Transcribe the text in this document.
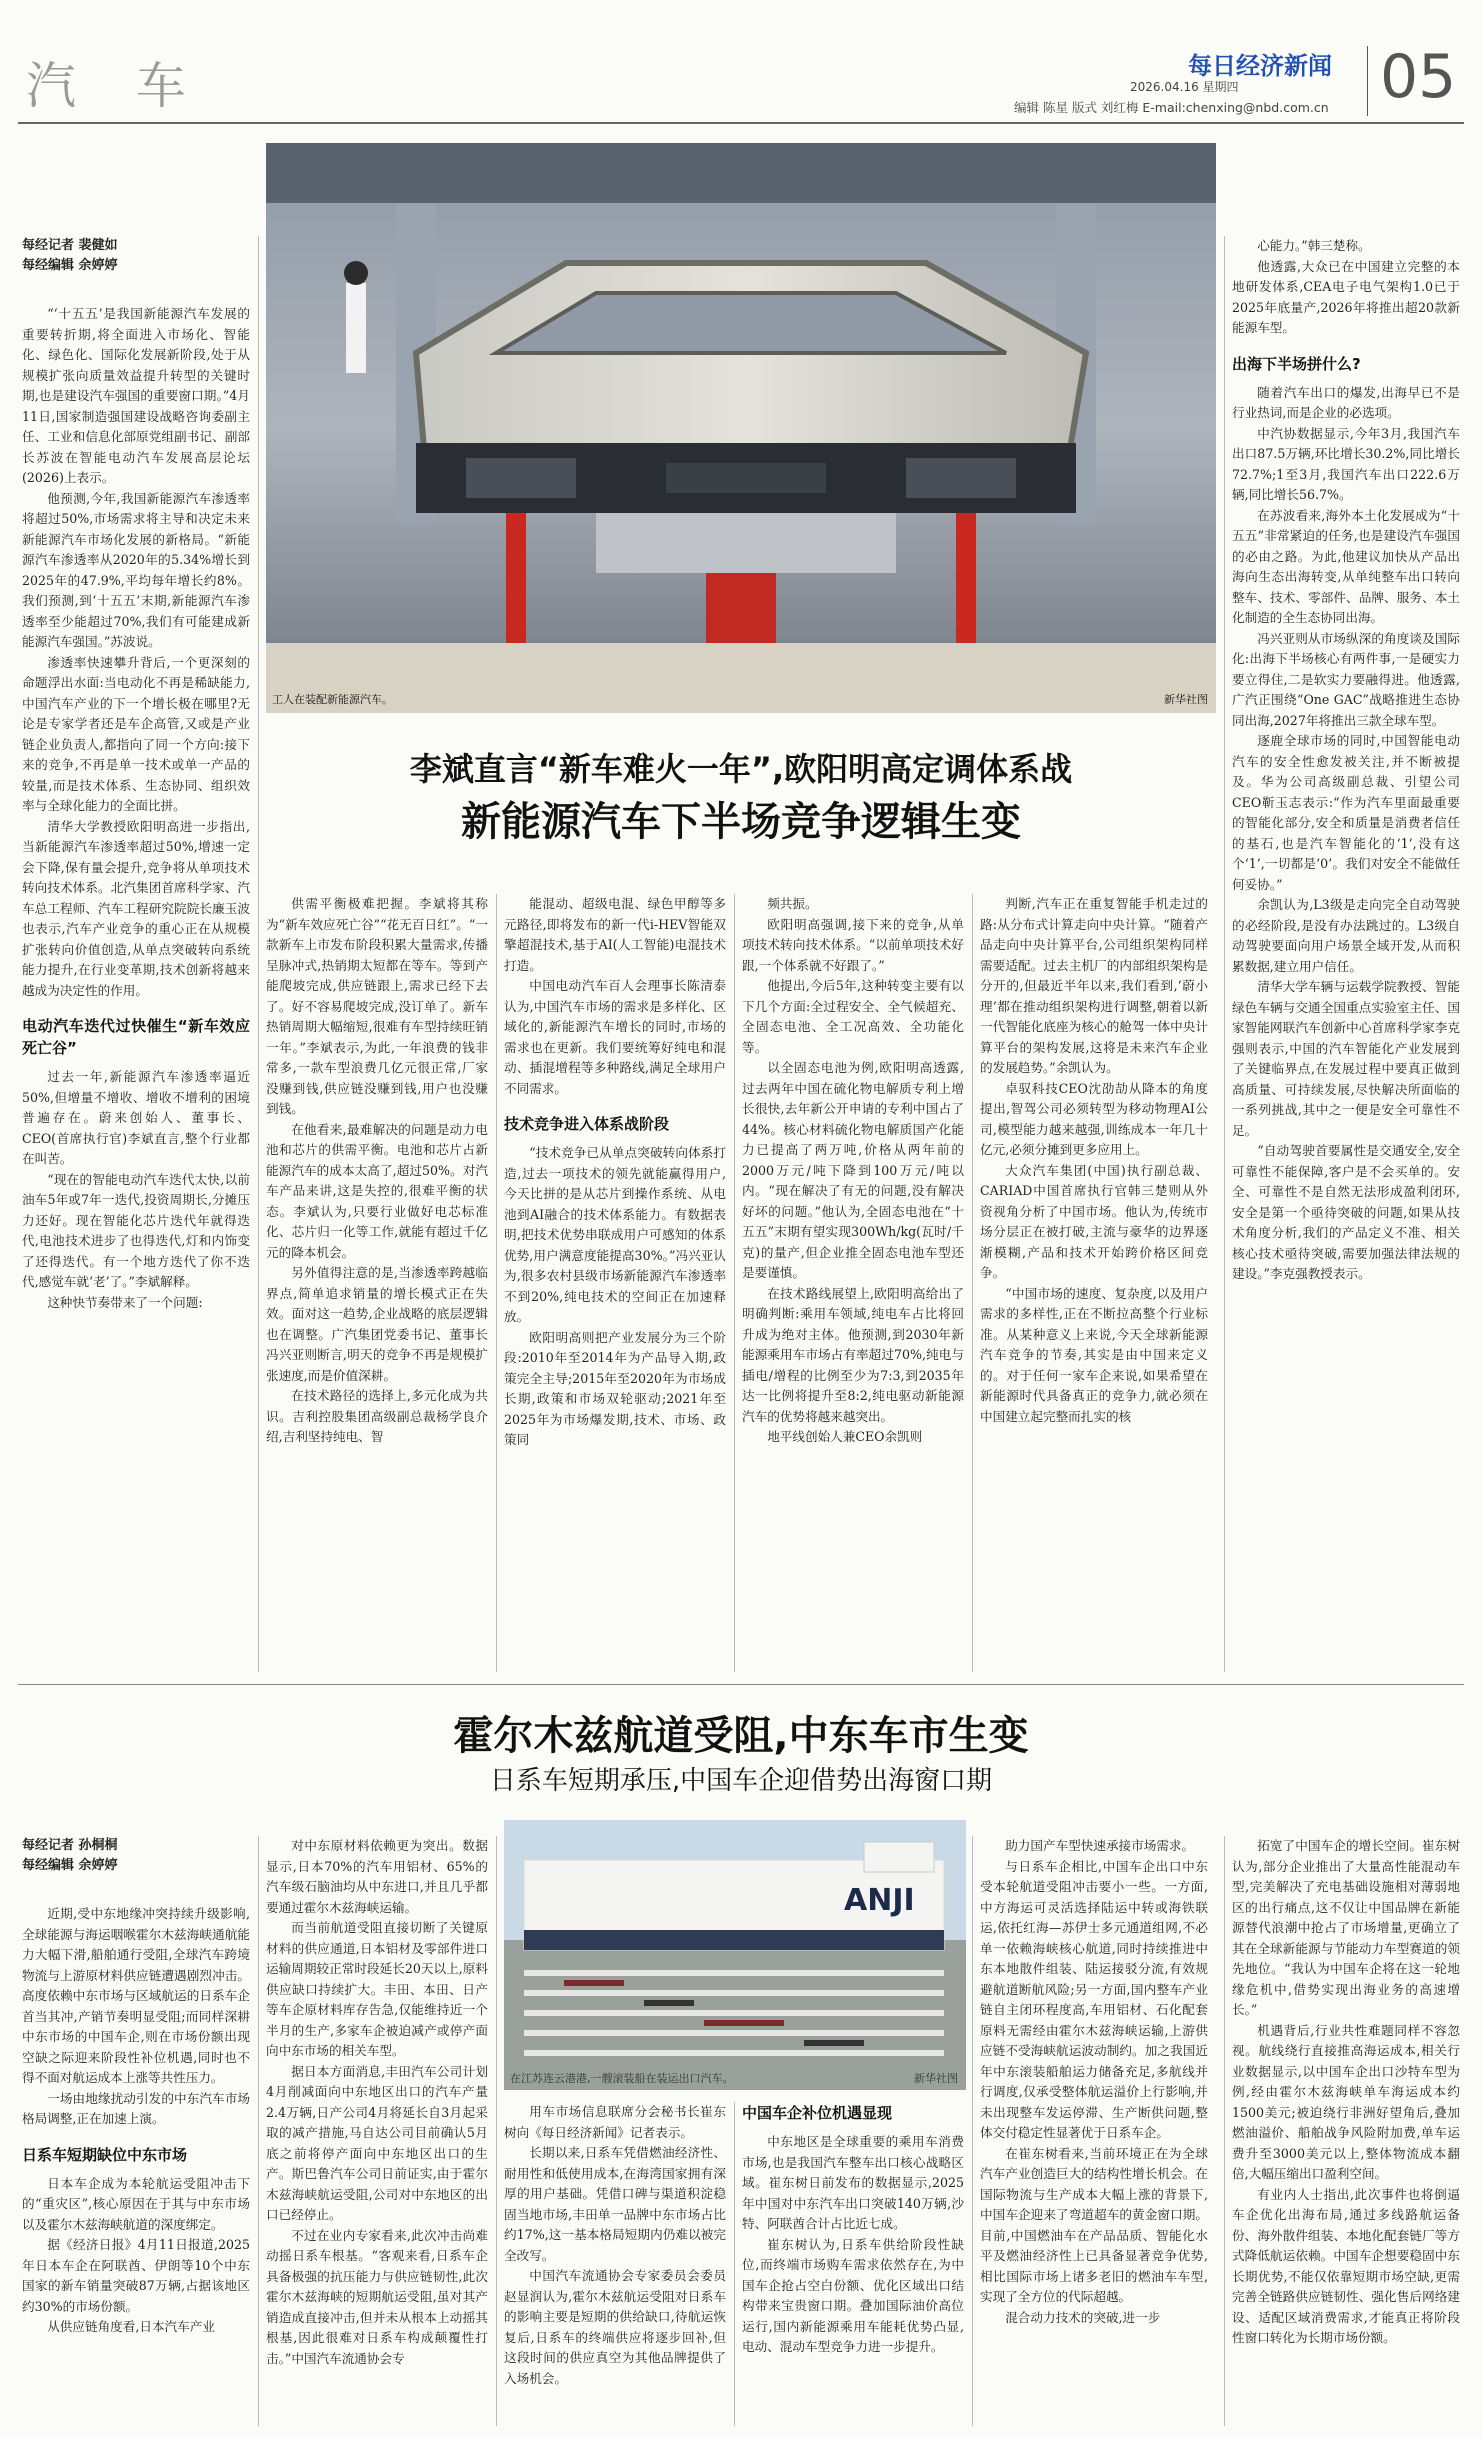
汽 车	每日经济新闻
2026.04.16 星期四
编辑 陈星 版式 刘红梅 E-mail:chenxing@nbd.com.cn 05
工人在装配新能源汽车。	新华社图
李斌直言“新车难火一年”,欧阳明高定调体系战
新能源汽车下半场竞争逻辑生变

每经记者 裴健如

每经编辑 余婷婷

“‘十五五’是我国新能源汽车发展的重要转折期,将全面进入市场化、智能化、绿色化、国际化发展新阶段,处于从规模扩张向质量效益提升转型的关键时期,也是建设汽车强国的重要窗口期。”4月11日,国家制造强国建设战略咨询委副主任、工业和信息化部原党组副书记、副部长苏波在智能电动汽车发展高层论坛(2026)上表示。

他预测,今年,我国新能源汽车渗透率将超过50%,市场需求将主导和决定未来新能源汽车市场化发展的新格局。“新能源汽车渗透率从2020年的5.34%增长到2025年的47.9%,平均每年增长约8%。我们预测,到‘十五五’末期,新能源汽车渗透率至少能超过70%,我们有可能建成新能源汽车强国。”苏波说。

渗透率快速攀升背后,一个更深刻的命题浮出水面:当电动化不再是稀缺能力,中国汽车产业的下一个增长极在哪里?无论是专家学者还是车企高管,又或是产业链企业负责人,都指向了同一个方向:接下来的竞争,不再是单一技术或单一产品的较量,而是技术体系、生态协同、组织效率与全球化能力的全面比拼。

清华大学教授欧阳明高进一步指出,当新能源汽车渗透率超过50%,增速一定会下降,保有量会提升,竞争将从单项技术转向技术体系。北汽集团首席科学家、汽车总工程师、汽车工程研究院院长廉玉波也表示,汽车产业竞争的重心正在从规模扩张转向价值创造,从单点突破转向系统能力提升,在行业变革期,技术创新将越来越成为决定性的作用。

电动汽车迭代过快催生“新车效应死亡谷”

过去一年,新能源汽车渗透率逼近50%,但增量不增收、增收不增利的困境普遍存在。蔚来创始人、董事长、CEO(首席执行官)李斌直言,整个行业都在叫苦。

“现在的智能电动汽车迭代太快,以前油车5年或7年一迭代,投资周期长,分摊压力还好。现在智能化芯片迭代年就得迭代,电池技术进步了也得迭代,灯和内饰变了还得迭代。有一个地方迭代了你不迭代,感觉车就‘老’了。”李斌解释。

这种快节奏带来了一个问题:

供需平衡极难把握。李斌将其称为“新车效应死亡谷”“花无百日红”。“一款新车上市发布阶段积累大量需求,传播呈脉冲式,热销期太短都在等车。等到产能爬坡完成,供应链跟上,需求已经下去了。好不容易爬坡完成,没订单了。新车热销周期大幅缩短,很难有车型持续旺销一年。”李斌表示,为此,一年浪费的钱非常多,一款车型浪费几亿元很正常,厂家没赚到钱,供应链没赚到钱,用户也没赚到钱。

在他看来,最难解决的问题是动力电池和芯片的供需平衡。电池和芯片占新能源汽车的成本太高了,超过50%。对汽车产品来讲,这是失控的,很难平衡的状态。李斌认为,只要行业做好电芯标准化、芯片归一化等工作,就能有超过千亿元的降本机会。

另外值得注意的是,当渗透率跨越临界点,简单追求销量的增长模式正在失效。面对这一趋势,企业战略的底层逻辑也在调整。广汽集团党委书记、董事长冯兴亚则断言,明天的竞争不再是规模扩张速度,而是价值深耕。

在技术路径的选择上,多元化成为共识。吉利控股集团高级副总裁杨学良介绍,吉利坚持纯电、智

能混动、超级电混、绿色甲醇等多元路径,即将发布的新一代i-HEV智能双擎超混技术,基于AI(人工智能)电混技术打造。

中国电动汽车百人会理事长陈清泰认为,中国汽车市场的需求是多样化、区域化的,新能源汽车增长的同时,市场的需求也在更新。我们要统筹好纯电和混动、插混增程等多种路线,满足全球用户不同需求。

技术竞争进入体系战阶段

“技术竞争已从单点突破转向体系打造,过去一项技术的领先就能赢得用户,今天比拼的是从芯片到操作系统、从电池到AI融合的技术体系能力。有数据表明,把技术优势串联成用户可感知的体系优势,用户满意度能提高30%。”冯兴亚认为,很多农村县级市场新能源汽车渗透率不到20%,纯电技术的空间正在加速释放。

欧阳明高则把产业发展分为三个阶段:2010年至2014年为产品导入期,政策完全主导;2015年至2020年为市场成长期,政策和市场双轮驱动;2021年至2025年为市场爆发期,技术、市场、政策同

频共振。

欧阳明高强调,接下来的竞争,从单项技术转向技术体系。“以前单项技术好跟,一个体系就不好跟了。”

他提出,今后5年,这种转变主要有以下几个方面:全过程安全、全气候超充、全固态电池、全工况高效、全功能化等。

以全固态电池为例,欧阳明高透露,过去两年中国在硫化物电解质专利上增长很快,去年新公开申请的专利中国占了44%。核心材料硫化物电解质国产化能力已提高了两万吨,价格从两年前的2000万元/吨下降到100万元/吨以内。“现在解决了有无的问题,没有解决好坏的问题。”他认为,全固态电池在“十五五”末期有望实现300Wh/kg(瓦时/千克)的量产,但企业推全固态电池车型还是要谨慎。

在技术路线展望上,欧阳明高给出了明确判断:乘用车领域,纯电车占比将回升成为绝对主体。他预测,到2030年新能源乘用车市场占有率超过70%,纯电与插电/增程的比例至少为7:3,到2035年达一比例将提升至8:2,纯电驱动新能源汽车的优势将越来越突出。

地平线创始人兼CEO余凯则

判断,汽车正在重复智能手机走过的路:从分布式计算走向中央计算。“随着产品走向中央计算平台,公司组织架构同样需要适配。过去主机厂的内部组织架构是分开的,但最近半年以来,我们看到,‘蔚小理’都在推动组织架构进行调整,朝着以新一代智能化底座为核心的舱驾一体中央计算平台的架构发展,这将是未来汽车企业的发展趋势。”余凯认为。

卓驭科技CEO沈劭劼从降本的角度提出,智驾公司必须转型为移动物理AI公司,模型能力越来越强,训练成本一年几十亿元,必须分摊到更多应用上。

大众汽车集团(中国)执行副总裁、CARIAD中国首席执行官韩三楚则从外资视角分析了中国市场。他认为,传统市场分层正在被打破,主流与豪华的边界逐渐模糊,产品和技术开始跨价格区间竞争。

“中国市场的速度、复杂度,以及用户需求的多样性,正在不断拉高整个行业标准。从某种意义上来说,今天全球新能源汽车竞争的节奏,其实是由中国来定义的。对于任何一家车企来说,如果希望在新能源时代具备真正的竞争力,就必须在中国建立起完整而扎实的核

心能力。”韩三楚称。

他透露,大众已在中国建立完整的本地研发体系,CEA电子电气架构1.0已于2025年底量产,2026年将推出超20款新能源车型。

出海下半场拼什么?

随着汽车出口的爆发,出海早已不是行业热词,而是企业的必选项。

中汽协数据显示,今年3月,我国汽车出口87.5万辆,环比增长30.2%,同比增长72.7%;1至3月,我国汽车出口222.6万辆,同比增长56.7%。

在苏波看来,海外本土化发展成为“十五五”非常紧迫的任务,也是建设汽车强国的必由之路。为此,他建议加快从产品出海向生态出海转变,从单纯整车出口转向整车、技术、零部件、品牌、服务、本土化制造的全生态协同出海。

冯兴亚则从市场纵深的角度谈及国际化:出海下半场核心有两件事,一是硬实力要立得住,二是软实力要融得进。他透露,广汽正围绕“One GAC”战略推进生态协同出海,2027年将推出三款全球车型。

逐鹿全球市场的同时,中国智能电动汽车的安全性愈发被关注,并不断被提及。华为公司高级副总裁、引望公司CEO靳玉志表示:“作为汽车里面最重要的智能化部分,安全和质量是消费者信任的基石,也是汽车智能化的‘1’,没有这个‘1’,一切都是‘0’。我们对安全不能做任何妥协。”

余凯认为,L3级是走向完全自动驾驶的必经阶段,是没有办法跳过的。L3级自动驾驶要面向用户场景全域开发,从而积累数据,建立用户信任。

清华大学车辆与运载学院教授、智能绿色车辆与交通全国重点实验室主任、国家智能网联汽车创新中心首席科学家李克强则表示,中国的汽车智能化产业发展到了关键临界点,在发展过程中要真正做到高质量、可持续发展,尽快解决所面临的一系列挑战,其中之一便是安全可靠性不足。

“自动驾驶首要属性是交通安全,安全可靠性不能保障,客户是不会买单的。安全、可靠性不是自然无法形成盈利闭环,安全是第一个亟待突破的问题,如果从技术角度分析,我们的产品定义不准、相关核心技术亟待突破,需要加强法律法规的建设。”李克强教授表示。

霍尔木兹航道受阻,中东车市生变
日系车短期承压,中国车企迎借势出海窗口期

每经记者 孙桐桐

每经编辑 余婷婷

近期,受中东地缘冲突持续升级影响,全球能源与海运咽喉霍尔木兹海峡通航能力大幅下滑,船舶通行受阻,全球汽车跨境物流与上游原材料供应链遭遇剧烈冲击。高度依赖中东市场与区域航运的日系车企首当其冲,产销节奏明显受阻;而同样深耕中东市场的中国车企,则在市场份额出现空缺之际迎来阶段性补位机遇,同时也不得不面对航运成本上涨等共性压力。

一场由地缘扰动引发的中东汽车市场格局调整,正在加速上演。

日系车短期缺位中东市场

日本车企成为本轮航运受阻冲击下的“重灾区”,核心原因在于其与中东市场以及霍尔木兹海峡航道的深度绑定。

据《经济日报》4月11日报道,2025年日本车企在阿联酋、伊朗等10个中东国家的新车销量突破87万辆,占据该地区约30%的市场份额。

从供应链角度看,日本汽车产业

对中东原材料依赖更为突出。数据显示,日本70%的汽车用铝材、65%的汽车级石脑油均从中东进口,并且几乎都要通过霍尔木兹海峡运输。

而当前航道受阻直接切断了关键原材料的供应通道,日本铝材及零部件进口运输周期较正常时段延长20天以上,原料供应缺口持续扩大。丰田、本田、日产等车企原材料库存告急,仅能维持近一个半月的生产,多家车企被迫减产或停产面向中东市场的相关车型。

据日本方面消息,丰田汽车公司计划4月削减面向中东地区出口的汽车产量2.4万辆,日产公司4月将延长自3月起采取的减产措施,马自达公司目前确认5月底之前将停产面向中东地区出口的生产。斯巴鲁汽车公司日前证实,由于霍尔木兹海峡航运受阻,公司对中东地区的出口已经停止。

不过在业内专家看来,此次冲击尚难动摇日系车根基。“客观来看,日系车企具备极强的抗压能力与供应链韧性,此次霍尔木兹海峡的短期航运受阻,虽对其产销造成直接冲击,但并未从根本上动摇其根基,因此很难对日系车构成颠覆性打击。”中国汽车流通协会专

ANJI
在江苏连云港港,一艘滚装船在装运出口汽车。	新华社图

用车市场信息联席分会秘书长崔东树向《每日经济新闻》记者表示。

长期以来,日系车凭借燃油经济性、耐用性和低使用成本,在海湾国家拥有深厚的用户基础。凭借口碑与渠道积淀稳固当地市场,丰田单一品牌中东市场占比约17%,这一基本格局短期内仍难以被完全改写。

中国汽车流通协会专家委员会委员赵显润认为,霍尔木兹航运受阻对日系车的影响主要是短期的供给缺口,待航运恢复后,日系车的终端供应将逐步回补,但这段时间的供应真空为其他品牌提供了入场机会。

中国车企补位机遇显现

中东地区是全球重要的乘用车消费市场,也是我国汽车整车出口核心战略区域。崔东树日前发布的数据显示,2025年中国对中东汽车出口突破140万辆,沙特、阿联酋合计占比近七成。

崔东树认为,日系车供给阶段性缺位,而终端市场购车需求依然存在,为中国车企抢占空白份额、优化区域出口结构带来宝贵窗口期。叠加国际油价高位运行,国内新能源乘用车能耗优势凸显,电动、混动车型竞争力进一步提升。

助力国产车型快速承接市场需求。

与日系车企相比,中国车企出口中东受本轮航道受阻冲击要小一些。一方面,中方海运可灵活选择陆运中转或海铁联运,依托红海—苏伊士多元通道组网,不必单一依赖海峡核心航道,同时持续推进中东本地散件组装、陆运接驳分流,有效规避航道断航风险;另一方面,国内整车产业链自主闭环程度高,车用铝材、石化配套原料无需经由霍尔木兹海峡运输,上游供应链不受海峡航运波动制约。加之我国近年中东滚装船舶运力储备充足,多航线并行调度,仅承受整体航运溢价上行影响,并未出现整车发运停滞、生产断供问题,整体交付稳定性显著优于日系车企。

在崔东树看来,当前环境正在为全球汽车产业创造巨大的结构性增长机会。在国际物流与生产成本大幅上涨的背景下,中国车企迎来了弯道超车的黄金窗口期。目前,中国燃油车在产品品质、智能化水平及燃油经济性上已具备显著竞争优势,相比国际市场上诸多老旧的燃油车车型,实现了全方位的代际超越。

混合动力技术的突破,进一步

拓宽了中国车企的增长空间。崔东树认为,部分企业推出了大量高性能混动车型,完美解决了充电基础设施相对薄弱地区的出行痛点,这不仅让中国品牌在新能源替代浪潮中抢占了市场增量,更确立了其在全球新能源与节能动力车型赛道的领先地位。“我认为中国车企将在这一轮地缘危机中,借势实现出海业务的高速增长。”

机遇背后,行业共性难题同样不容忽视。航线绕行直接推高海运成本,相关行业数据显示,以中国车企出口沙特车型为例,经由霍尔木兹海峡单车海运成本约1500美元;被迫绕行非洲好望角后,叠加燃油溢价、船舶战争风险附加费,单车运费升至3000美元以上,整体物流成本翻倍,大幅压缩出口盈利空间。

有业内人士指出,此次事件也将倒逼车企优化出海布局,通过多线路航运备份、海外散件组装、本地化配套链厂等方式降低航运依赖。中国车企想要稳固中东长期优势,不能仅依靠短期市场空缺,更需完善全链路供应链韧性、强化售后网络建设、适配区域消费需求,才能真正将阶段性窗口转化为长期市场份额。
